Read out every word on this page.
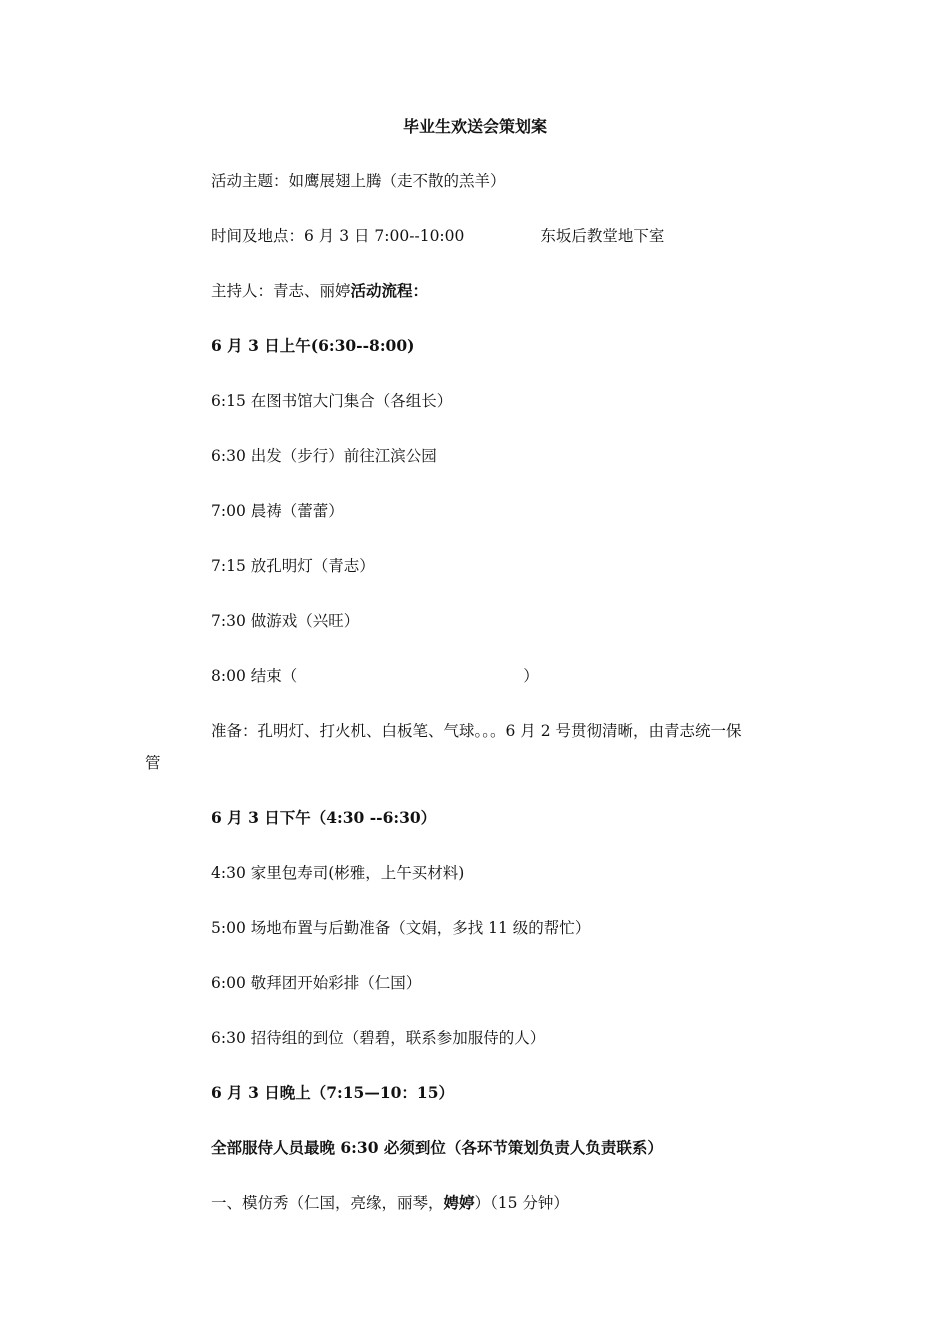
毕业生欢送会策划案
活动主题：如鹰展翅上腾（走不散的羔羊）
时间及地点：6 月 3 日 7:00--10:00	东坂后教堂地下室
主持人：青志、丽婷活动流程：
6 月 3 日上午(6:30--8:00)
6:15 在图书馆大门集合（各组长）
6:30 出发（步行）前往江滨公园
7:00 晨祷（蕾蕾）
7:15 放孔明灯（青志）
7:30 做游戏（兴旺）
8:00 结束（	）
准备：孔明灯、打火机、白板笔、气球。。。6 月 2 号贯彻清晰，由青志统一保
管
6 月 3 日下午（4:30 --6:30）
4:30 家里包寿司(彬雅，上午买材料)
5:00 场地布置与后勤准备（文娟，多找 11 级的帮忙）
6:00 敬拜团开始彩排（仁国）
6:30 招待组的到位（碧碧，联系参加服侍的人）
6 月 3 日晚上（7:15—10：15）
全部服侍人员最晚 6:30 必须到位（各环节策划负责人负责联系）
一、模仿秀（仁国，亮缘，丽琴，娉婷）（15 分钟）
